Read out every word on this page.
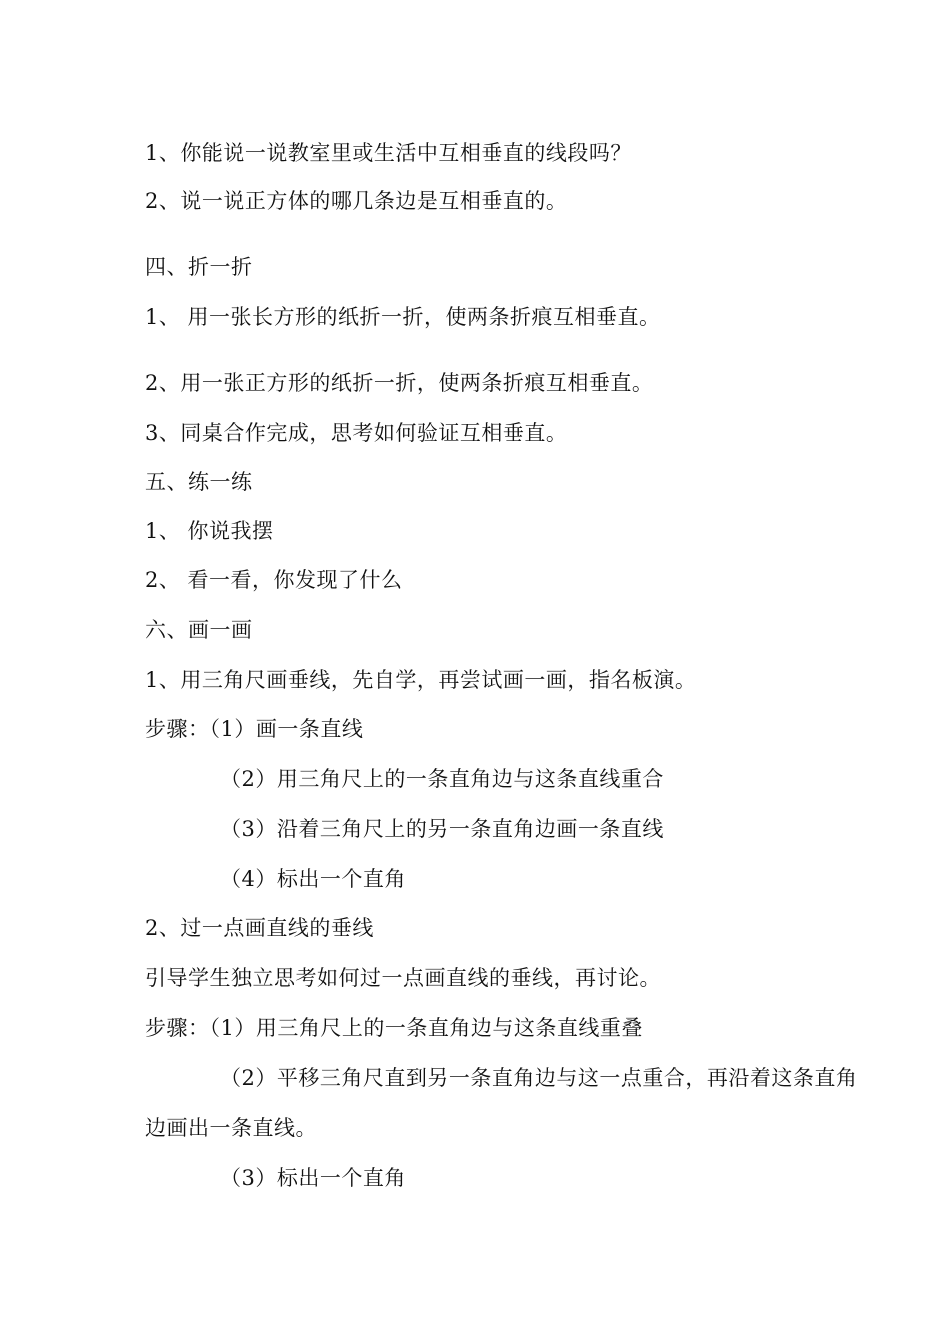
1、你能说一说教室里或生活中互相垂直的线段吗？
2、说一说正方体的哪几条边是互相垂直的。
四、折一折
1、 用一张长方形的纸折一折，使两条折痕互相垂直。
2、用一张正方形的纸折一折，使两条折痕互相垂直。
3、同桌合作完成，思考如何验证互相垂直。
五、练一练
1、 你说我摆
2、 看一看，你发现了什么
六、画一画
1、用三角尺画垂线，先自学，再尝试画一画，指名板演。
步骤：（1）画一条直线
（2）用三角尺上的一条直角边与这条直线重合
（3）沿着三角尺上的另一条直角边画一条直线
（4）标出一个直角
2、过一点画直线的垂线
引导学生独立思考如何过一点画直线的垂线，再讨论。
步骤：（1）用三角尺上的一条直角边与这条直线重叠
（2）平移三角尺直到另一条直角边与这一点重合，再沿着这条直角
边画出一条直线。
（3）标出一个直角
